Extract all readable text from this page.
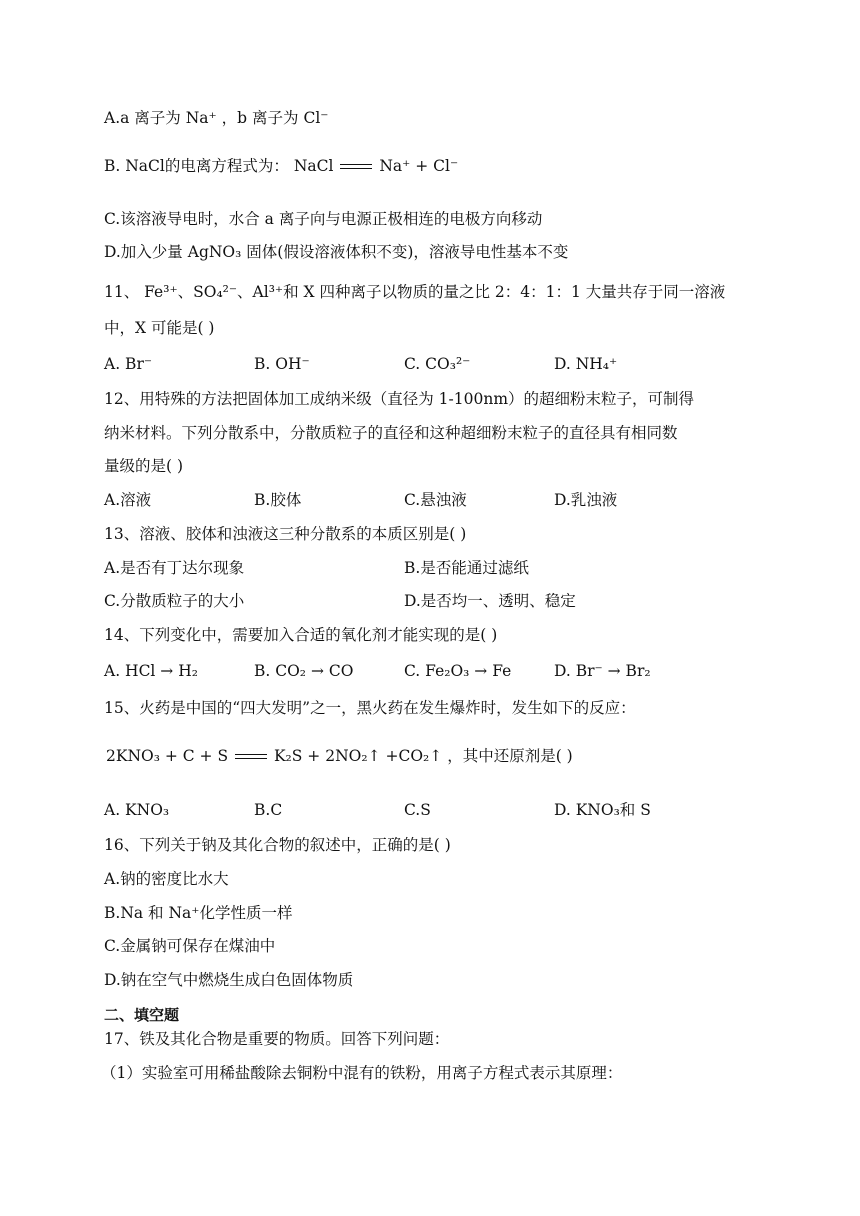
A.a 离子为 Na⁺ ，b 离子为 Cl⁻
B. NaCl的电离方程式为： NaCl	Na⁺ + Cl⁻
C.该溶液导电时，水合 a 离子向与电源正极相连的电极方向移动
D.加入少量 AgNO₃ 固体(假设溶液体积不变)，溶液导电性基本不变
11、 Fe³⁺、SO₄²⁻、Al³⁺和 X 四种离子以物质的量之比 2：4：1：1 大量共存于同一溶液
中，X 可能是( )
A. Br⁻	B. OH⁻	C. CO₃²⁻	D. NH₄⁺
12、用特殊的方法把固体加工成纳米级（直径为 1-100nm）的超细粉末粒子，可制得
纳米材料。下列分散系中，分散质粒子的直径和这种超细粉末粒子的直径具有相同数
量级的是( )
A.溶液	B.胶体	C.悬浊液	D.乳浊液
13、溶液、胶体和浊液这三种分散系的本质区别是( )
A.是否有丁达尔现象	B.是否能通过滤纸
C.分散质粒子的大小	D.是否均一、透明、稳定
14、下列变化中，需要加入合适的氧化剂才能实现的是( )
A. HCl → H₂	B. CO₂ → CO	C. Fe₂O₃ → Fe	D. Br⁻ → Br₂
15、火药是中国的“四大发明”之一，黑火药在发生爆炸时，发生如下的反应：
2KNO₃ + C + S	K₂S + 2NO₂↑ +CO₂↑ ，其中还原剂是( )
A. KNO₃	B.C	C.S	D. KNO₃和 S
16、下列关于钠及其化合物的叙述中，正确的是( )
A.钠的密度比水大
B.Na 和 Na⁺化学性质一样
C.金属钠可保存在煤油中
D.钠在空气中燃烧生成白色固体物质
二、填空题
17、铁及其化合物是重要的物质。回答下列问题：
（1）实验室可用稀盐酸除去铜粉中混有的铁粉，用离子方程式表示其原理：
